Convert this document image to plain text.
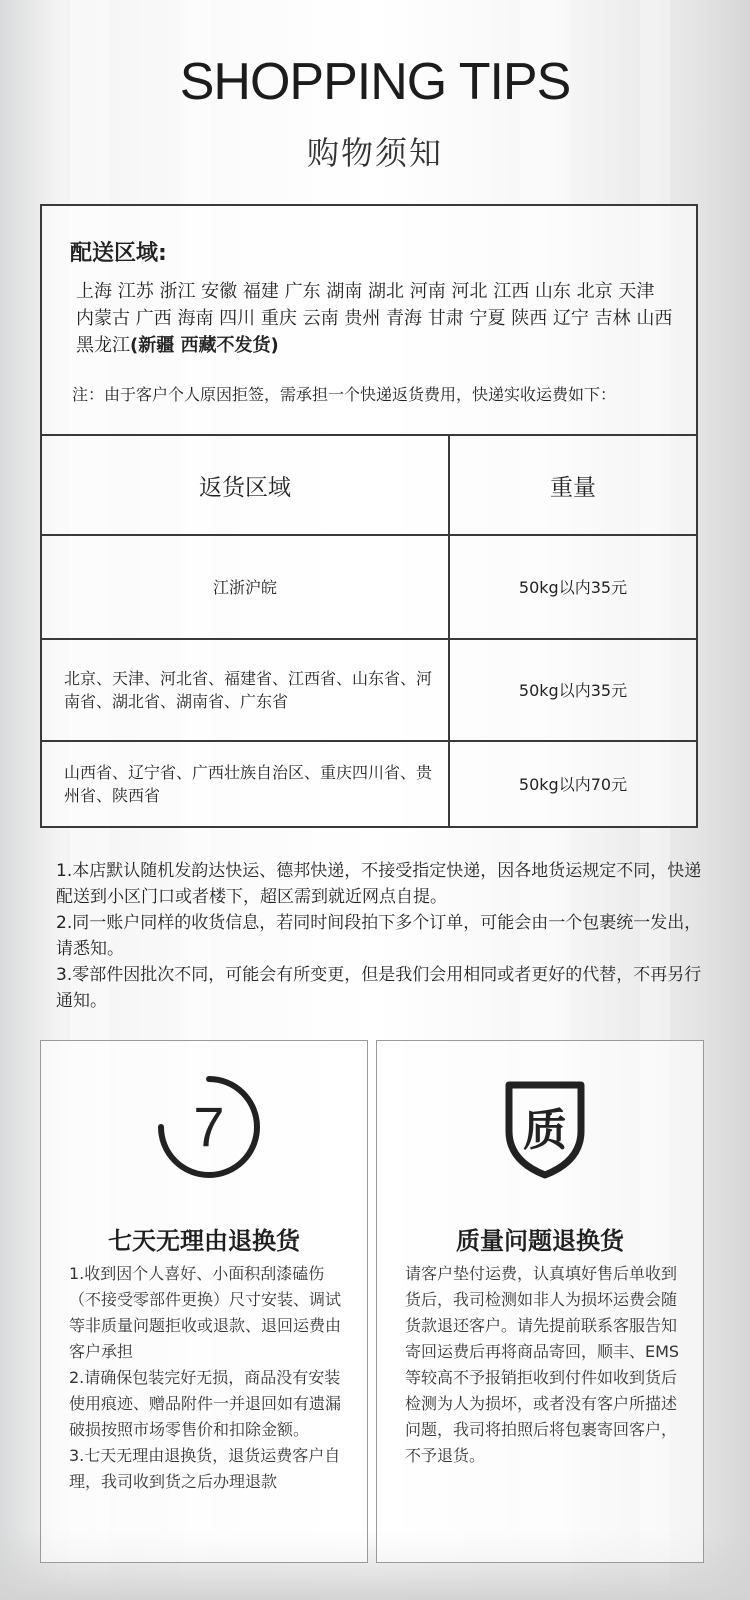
SHOPPING TIPS
购物须知
配送区域:
上海 江苏 浙江 安徽 福建 广东 湖南 湖北 河南 河北 江西 山东 北京 天津 内蒙古 广西 海南 四川 重庆 云南 贵州 青海 甘肃 宁夏 陕西 辽宁 吉林 山西 黑龙江(新疆 西藏不发货)
注：由于客户个人原因拒签，需承担一个快递返货费用，快递实收运费如下：
返货区域	重量
江浙沪皖	50kg以内35元
北京、天津、河北省、福建省、江西省、山东省、河南省、湖北省、湖南省、广东省	50kg以内35元
山西省、辽宁省、广西壮族自治区、重庆四川省、贵州省、陕西省	50kg以内70元

1.本店默认随机发韵达快运、德邦快递，不接受指定快递，因各地货运规定不同，快递配送到小区门口或者楼下，超区需到就近网点自提。

2.同一账户同样的收货信息，若同时间段拍下多个订单，可能会由一个包裹统一发出，请悉知。

3.零部件因批次不同，可能会有所变更，但是我们会用相同或者更好的代替，不再另行通知。

7
七天无理由退换货

1.收到因个人喜好、小面积刮漆磕伤（不接受零部件更换）尺寸安装、调试等非质量问题拒收或退款、退回运费由客户承担

2.请确保包装完好无损，商品没有安装使用痕迹、赠品附件一并退回如有遗漏破损按照市场零售价和扣除金额。

3.七天无理由退换货，退货运费客户自理，我司收到货之后办理退款

质
质量问题退换货

请客户垫付运费，认真填好售后单收到货后，我司检测如非人为损坏运费会随货款退还客户。请先提前联系客服告知寄回运费后再将商品寄回，顺丰、EMS等较高不予报销拒收到付件如收到货后检测为人为损坏，或者没有客户所描述问题，我司将拍照后将包裹寄回客户，不予退货。
